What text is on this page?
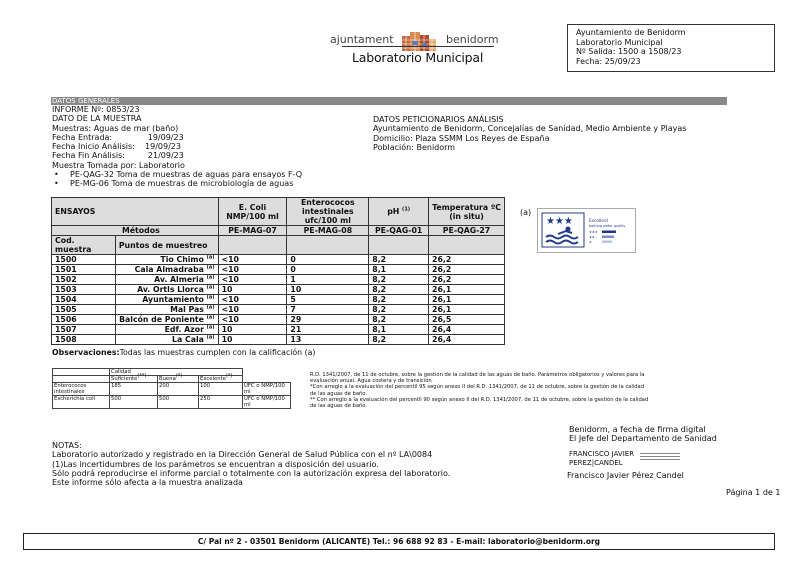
ajuntament	benidorm
Laboratorio Municipal
Ayuntamiento de Benidorm
Laboratorio Municipal
Nº Salida: 1500 a 1508/23
Fecha: 25/09/23
DATOS GENERALES
INFORME Nº: 0853/23
DATO DE LA MUESTRA
Muestras: Aguas de mar (baño)
Fecha Entrada:              19/09/23
Fecha Inicio Análisis:    19/09/23
Fecha Fin Análisis:         21/09/23
Muestra Tomada por: Laboratorio
• PE-QAG-32 Toma de muestras de aguas para ensayos F-Q
• PE-MG-06 Toma de muestras de microbiología de aguas
DATOS PETICIONARIOS ANÁLISIS
Ayuntamiento de Benidorm, Concejalías de Sanidad, Medio Ambiente y Playas
Domicilio: Plaza SSMM Los Reyes de España
Población: Benidorm
ENSAYOS		E. Coli NMP/100 ml	Enterococos intestinales ufc/100 ml	pH $^{(1)}$	Temperatura ºC (in situ)
Métodos		PE-MAG-07	PE-MAG-08	PE-QAG-01	PE-QAG-27
Cod. muestra	Puntos de muestreo				
1500	Tio Chimo $^{(a)}$	<10	0	8,2	26,2
1501	Cala Almadraba $^{(a)}$	<10	0	8,1	26,2
1502	Av. Almeria $^{(a)}$	<10	1	8,2	26,2
1503	Av. Ortls Llorca $^{(a)}$	10	10	8,2	26,1
1504	Ayuntamiento $^{(a)}$	<10	5	8,2	26,1
1505	Mal Pas $^{(a)}$	<10	7	8,2	26,1
1506	Balcón de Poniente $^{(a)}$	<10	29	8,2	26,5
1507	Edf. Azor $^{(a)}$	10	21	8,1	26,4
1508	La Cala $^{(a)}$	10	13	8,2	26,4
(a)
★★★	Excellent
bathing water quality
★★★
★★
★
Observaciones:Todas las muestras cumplen con la calificación (a)
	Calidad			
	Suficiente(**)	Buena(*)	Excelente(*)	
Enterococos intestinales	185	200	100	UFC o NMP/100 ml
Escherichia coli	500	500	250	UFC o NMP/100 ml
R.D. 1341/2007, de 11 de octubre, sobre la gestión de la calidad de las aguas de baño. Parámetros obligatorios y valores para la evaluación anual. Agua costera y de transición
*Con arreglo a la evaluación del percentil 95 según anexo II del R.D. 1341/2007, de 11 de octubre, sobre la gestión de la calidad de las aguas de baño.
** Con arreglo a la evaluación del percentil 90 según anexo II del R.D. 1341/2007, de 11 de octubre, sobre la gestión de la calidad de las aguas de baño.
NOTAS:
Laboratorio autorizado y registrado en la Dirección General de Salud Pública con el nº LA\0084
(1)Las incertidumbres de los parámetros se encuentran a disposición del usuario.
Sólo podrá reproducirse el informe parcial o totalmente con la autorización expresa del laboratorio.
Este informe sólo afecta a la muestra analizada
Benidorm, a fecha de firma digital
El Jefe del Departamento de Sanidad
FRANCISCO JAVIER
PEREZ|CANDEL
Francisco Javier Pérez Candel
Página 1 de 1
C/ Pal nº 2 - 03501 Benidorm (ALICANTE) Tel.: 96 688 92 83 - E-mail: laboratorio@benidorm.org
